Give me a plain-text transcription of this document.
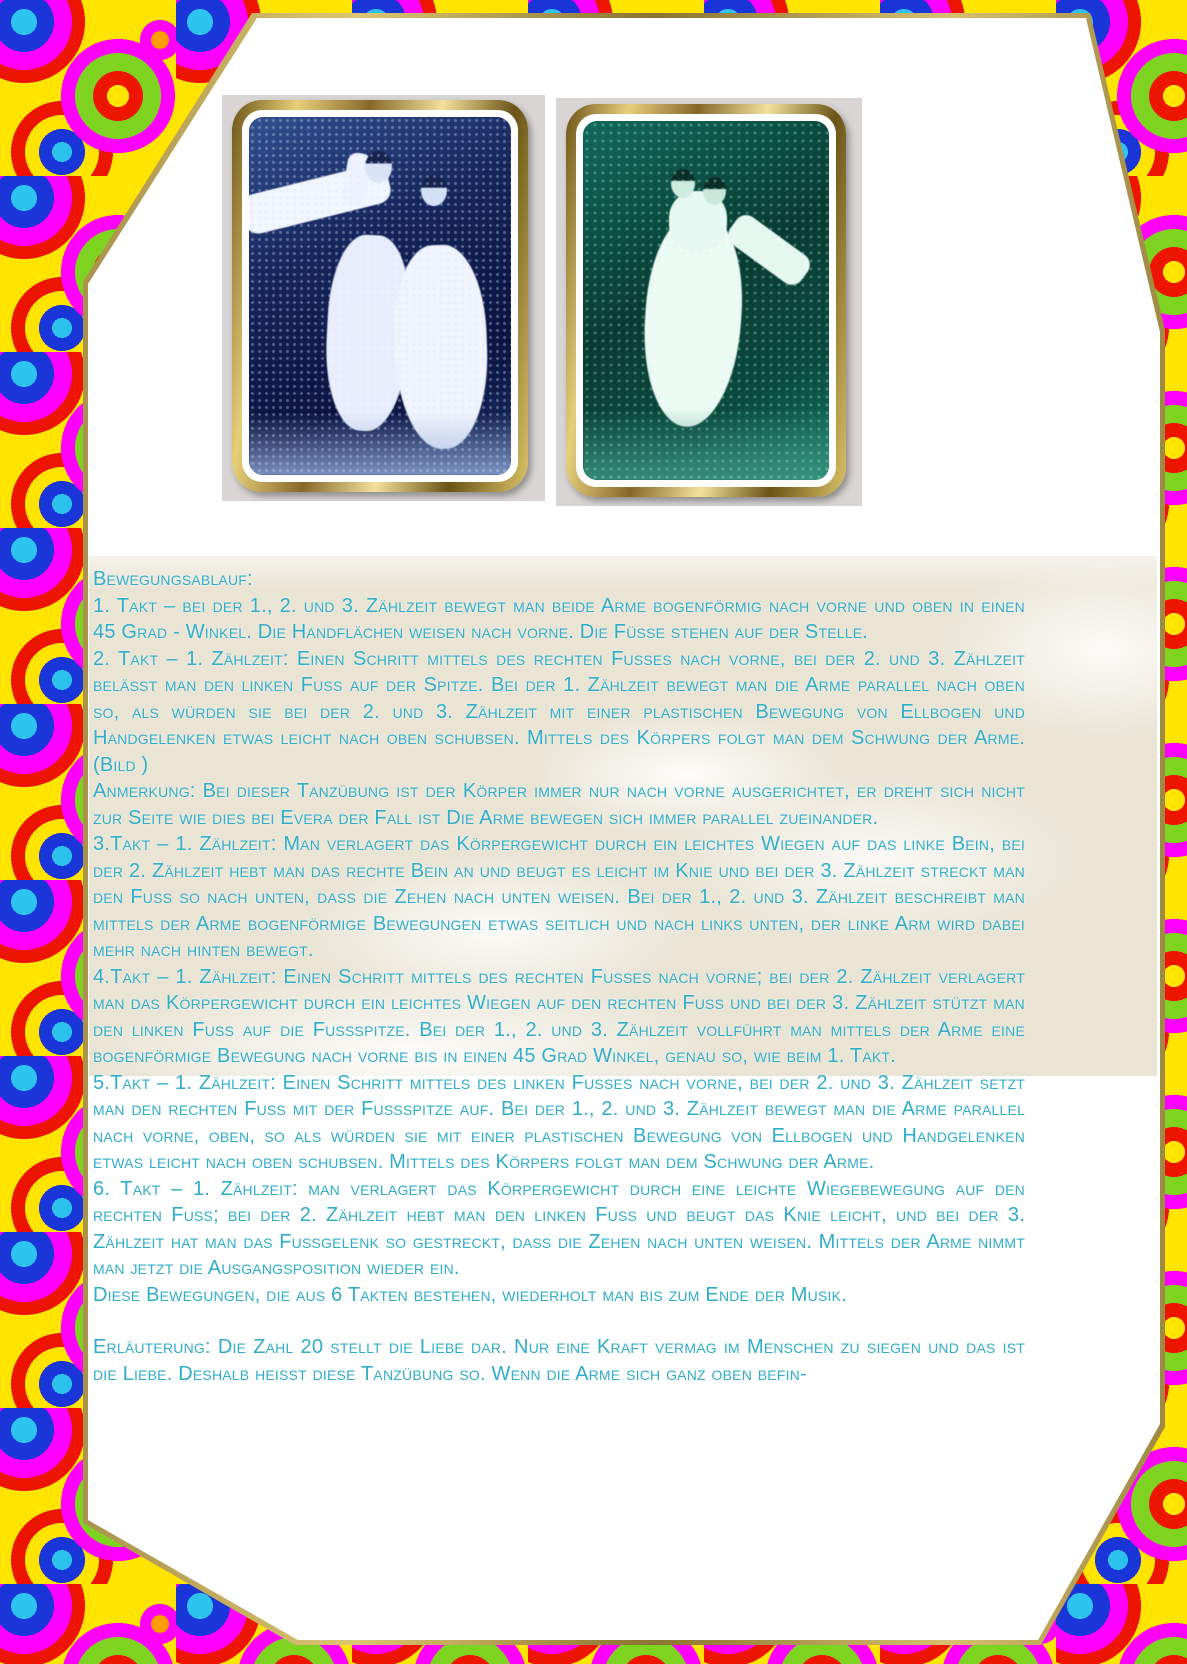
Bewegungsablauf:

1. Takt – bei der 1., 2. und 3. Zählzeit bewegt man beide Arme bogenförmig nach vorne und oben in einen 45 Grad - Winkel. Die Handflächen weisen nach vorne. Die Füsse stehen auf der Stelle.

2. Takt – 1. Zählzeit: Einen Schritt mittels des rechten Fusses nach vorne, bei der 2. und 3. Zählzeit belässt man den linken Fuss auf der Spitze. Bei der 1. Zählzeit bewegt man die Arme parallel nach oben so, als würden sie bei der 2. und 3. Zählzeit mit einer plastischen Bewegung von Ellbogen und Handgelenken etwas leicht nach oben schubsen. Mittels des Körpers folgt man dem Schwung der Arme. (Bild )

Anmerkung: Bei dieser Tanzübung ist der Körper immer nur nach vorne ausgerichtet, er dreht sich nicht zur Seite wie dies bei Evera der Fall ist Die Arme bewegen sich immer parallel zueinander.

3.Takt – 1. Zählzeit: Man verlagert das Körpergewicht durch ein leichtes Wiegen auf das linke Bein, bei der 2. Zählzeit hebt man das rechte Bein an und beugt es leicht im Knie und bei der 3. Zählzeit streckt man den Fuss so nach unten, dass die Zehen nach unten weisen. Bei der 1., 2. und 3. Zählzeit beschreibt man mittels der Arme bogenförmige Bewegungen etwas seitlich und nach links unten, der linke Arm wird dabei mehr nach hinten bewegt.

4.Takt – 1. Zählzeit: Einen Schritt mittels des rechten Fusses nach vorne; bei der 2. Zählzeit verlagert man das Körpergewicht durch ein leichtes Wiegen auf den rechten Fuss und bei der 3. Zählzeit stützt man den linken Fuss auf die Fussspitze. Bei der 1., 2. und 3. Zählzeit vollführt man mittels der Arme eine bogenförmige Bewegung nach vorne bis in einen 45 Grad Winkel, genau so, wie beim 1. Takt.

5.Takt – 1. Zählzeit: Einen Schritt mittels des linken Fusses nach vorne, bei der 2. und 3. Zählzeit setzt man den rechten Fuss mit der Fussspitze auf. Bei der 1., 2. und 3. Zählzeit bewegt man die Arme parallel nach vorne, oben, so als würden sie mit einer plastischen Bewegung von Ellbogen und Handgelenken etwas leicht nach oben schubsen. Mittels des Körpers folgt man dem Schwung der Arme.

6. Takt – 1. Zählzeit: man verlagert das Körpergewicht durch eine leichte Wiegebewegung auf den rechten Fuss; bei der 2. Zählzeit hebt man den linken Fuss und beugt das Knie leicht, und bei der 3. Zählzeit hat man das Fussgelenk so gestreckt, dass die Zehen nach unten weisen. Mittels der Arme nimmt man jetzt die Ausgangsposition wieder ein.

Diese Bewegungen, die aus 6 Takten bestehen, wiederholt man bis zum Ende der Musik.

Erläuterung: Die Zahl 20 stellt die Liebe dar. Nur eine Kraft vermag im Menschen zu siegen und das ist die Liebe. Deshalb heisst diese Tanzübung so. Wenn die Arme sich ganz oben befin-
